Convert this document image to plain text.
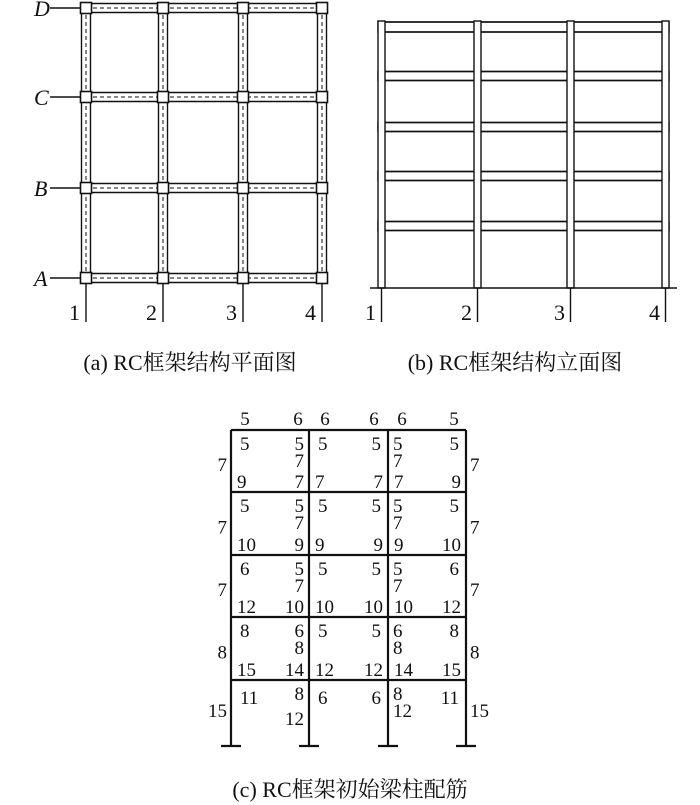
A
B
C
D
1	2	3	4
(a) RC框架结构平面图
1	2	3	4
(b) RC框架结构立面图
5 6 6 6 6 5
7	7
5 5
7
9	7
5 5
7	7
5
7
5
7	9
7	7
5 5
7
10 9
5 5
9	9
5
7
5
9 10
7	7
6 5
7
12 10
5 5
10 10
5
7
6
10 12
8	8
8 6
8
15 14
5 5
12 12
6
8
8
14 15
15	15
11 8
12
6 6 8
12
11
(c) RC框架初始梁柱配筋
